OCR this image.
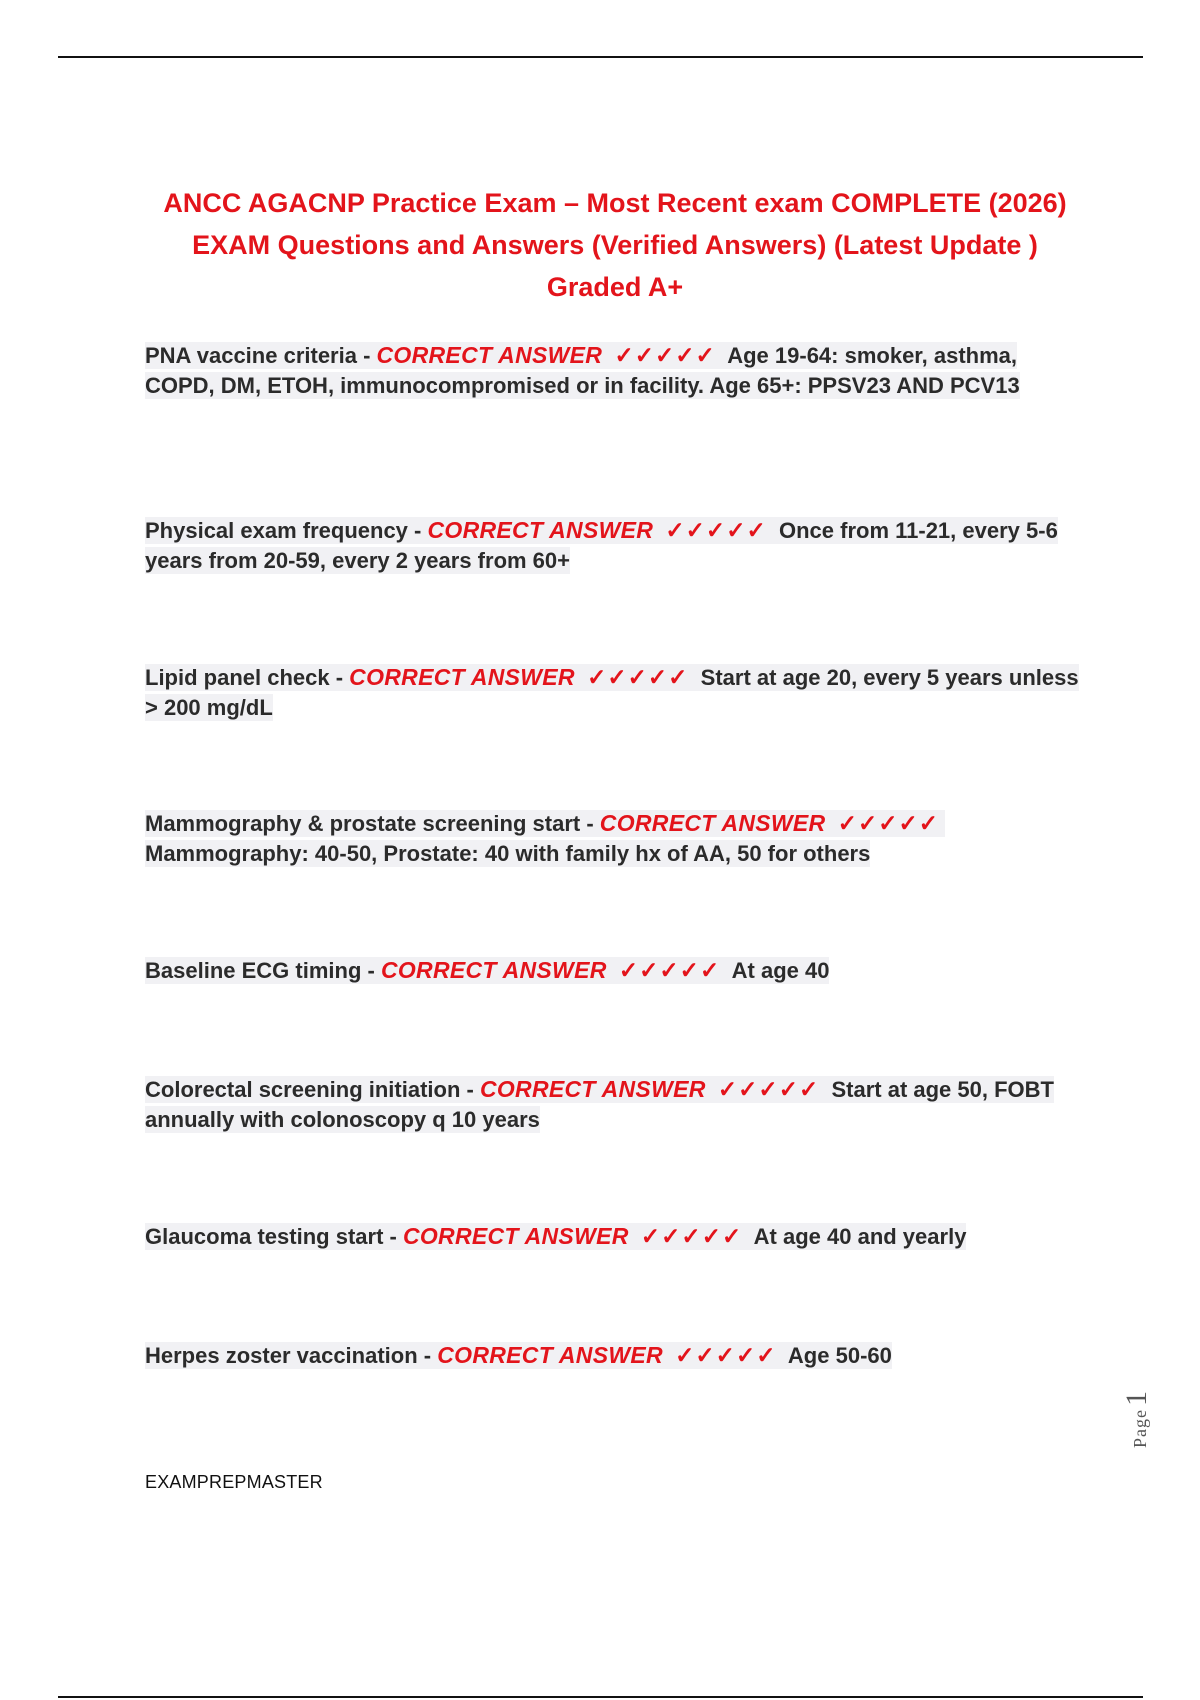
ANCC AGACNP Practice Exam – Most Recent exam COMPLETE (2026)
EXAM Questions and Answers (Verified Answers) (Latest Update )
Graded A+
PNA vaccine criteria - CORRECT ANSWER ✓✓✓✓✓ Age 19-64: smoker, asthma, COPD, DM, ETOH, immunocompromised or in facility. Age 65+: PPSV23 AND PCV13
Physical exam frequency - CORRECT ANSWER ✓✓✓✓✓ Once from 11-21, every 5-6 years from 20-59, every 2 years from 60+
Lipid panel check - CORRECT ANSWER ✓✓✓✓✓ Start at age 20, every 5 years unless > 200 mg/dL
Mammography & prostate screening start - CORRECT ANSWER ✓✓✓✓✓  Mammography: 40-50, Prostate: 40 with family hx of AA, 50 for others
Baseline ECG timing - CORRECT ANSWER ✓✓✓✓✓ At age 40
Colorectal screening initiation - CORRECT ANSWER ✓✓✓✓✓ Start at age 50, FOBT annually with colonoscopy q 10 years
Glaucoma testing start - CORRECT ANSWER ✓✓✓✓✓ At age 40 and yearly
Herpes zoster vaccination - CORRECT ANSWER ✓✓✓✓✓ Age 50-60
EXAMPREPMASTER
Page1
